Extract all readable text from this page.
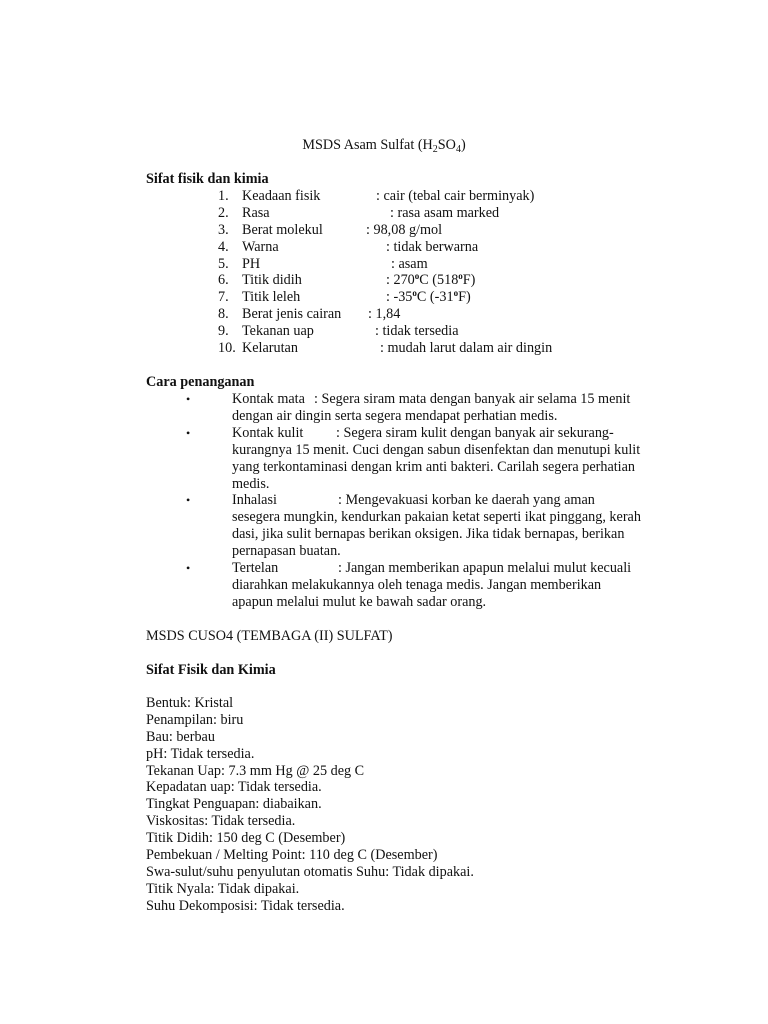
MSDS Asam Sulfat $(H_2SO_4)$
Sifat fisik dan kimia
1. Keadaan fisik	: cair (tebal cair berminyak)
2. Rasa	: rasa asam marked
3. Berat molekul	: 98,08 g/mol
4. Warna	: tidak berwarna
5. PH	: asam
6. Titik didih	: 270$^o$C (518$^o$F)
7. Titik leleh	: -35$^o$C (-31$^o$F)
8. Berat jenis cairan : 1,84
9. Tekanan uap	: tidak tersedia
10. Kelarutan	: mudah larut dalam air dingin
Cara penanganan
•	Kontak mata : Segera siram mata dengan banyak air selama 15 menit dengan air dingin serta segera mendapat perhatian medis.
•	Kontak kulit : Segera siram kulit dengan banyak air sekurang-kurangnya 15 menit. Cuci dengan sabun disenfektan dan menutupi kulit yang terkontaminasi dengan krim anti bakteri. Carilah segera perhatian medis.
•	Inhalasi	: Mengevakuasi korban ke daerah yang aman sesegera mungkin, kendurkan pakaian ketat seperti ikat pinggang, kerah dasi, jika sulit bernapas berikan oksigen. Jika tidak bernapas, berikan pernapasan buatan.
•	Tertelan	: Jangan memberikan apapun melalui mulut kecuali diarahkan melakukannya oleh tenaga medis. Jangan memberikan apapun melalui mulut ke bawah sadar orang.
MSDS CUSO4 (TEMBAGA (II) SULFAT)
Sifat Fisik dan Kimia
Bentuk: Kristal
Penampilan: biru
Bau: berbau
pH: Tidak tersedia.
Tekanan Uap: 7.3 mm Hg @ 25 deg C
Kepadatan uap: Tidak tersedia.
Tingkat Penguapan: diabaikan.
Viskositas: Tidak tersedia.
Titik Didih: 150 deg C (Desember)
Pembekuan / Melting Point: 110 deg C (Desember)
Swa-sulut/suhu penyulutan otomatis Suhu: Tidak dipakai.
Titik Nyala: Tidak dipakai.
Suhu Dekomposisi: Tidak tersedia.
